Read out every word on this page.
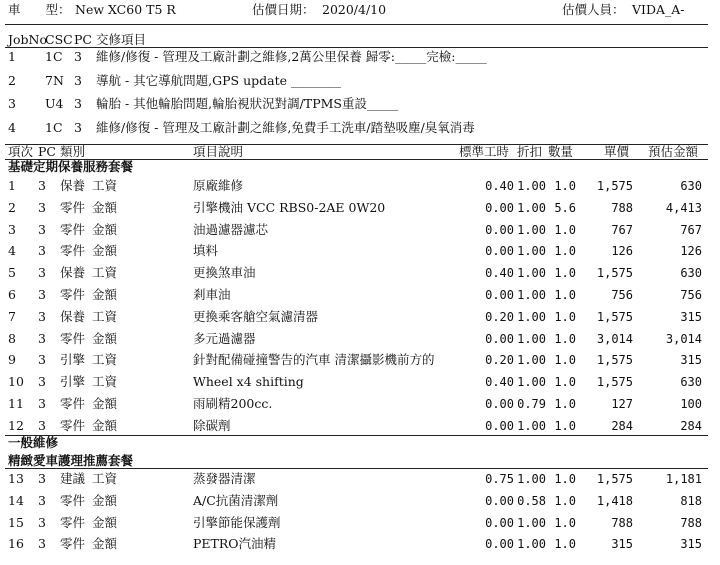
車　　型： New XC60 T5 R	估價日期： 2020/4/10	估價人員： VIDA_A-
JobNo
CSC PC 交修項目
1 1C 3 維修/修復 - 管理及工廠計劃之維修,2萬公里保養 歸零:_____完檢:_____
2 7N 3 導航 - 其它導航問題,GPS update ________
3 U4 3 輪胎 - 其他輪胎問題,輪胎視狀況對調/TPMS重設_____
4 1C 3 維修/修復 - 管理及工廠計劃之維修,免費手工洗車/踏墊吸塵/臭氧消毒
項次 PC 類別	項目說明	標準工時 折扣 數量 單價 預估金額
基礎定期保養服務套餐
1 3 保養 工資	原廠維修	0.40 1.00 1.0	1,575	630
2 3 零件 金額	引擎機油 VCC RBS0-2AE 0W20	0.00 1.00 5.6	788	4,413
3 3 零件 金額	油過濾器濾芯	0.00 1.00 1.0	767	767
4 3 零件 金額	填料	0.00 1.00 1.0	126	126
5 3 保養 工資	更換煞車油	0.40 1.00 1.0	1,575	630
6 3 零件 金額	剎車油	0.00 1.00 1.0	756	756
7 3 保養 工資	更換乘客艙空氣濾清器	0.20 1.00 1.0	1,575	315
8 3 零件 金額	多元過濾器	0.00 1.00 1.0	3,014	3,014
9 3 引擎 工資	針對配備碰撞警告的汽車 清潔攝影機前方的	0.20 1.00 1.0	1,575	315
10 3 引擎 工資	Wheel x4 shifting	0.40 1.00 1.0	1,575	630
11 3 零件 金額	雨刷精200cc.	0.00 0.79 1.0	127	100
12 3 零件 金額	除碳劑	0.00 1.00 1.0	284	284
一般維修
精緻愛車護理推薦套餐
13 3 建議 工資	蒸發器清潔	0.75 1.00 1.0	1,575	1,181
14 3 零件 金額	A/C抗菌清潔劑	0.00 0.58 1.0	1,418	818
15 3 零件 金額	引擎節能保護劑	0.00 1.00 1.0	788	788
16 3 零件 金額	PETRO汽油精	0.00 1.00 1.0	315	315
